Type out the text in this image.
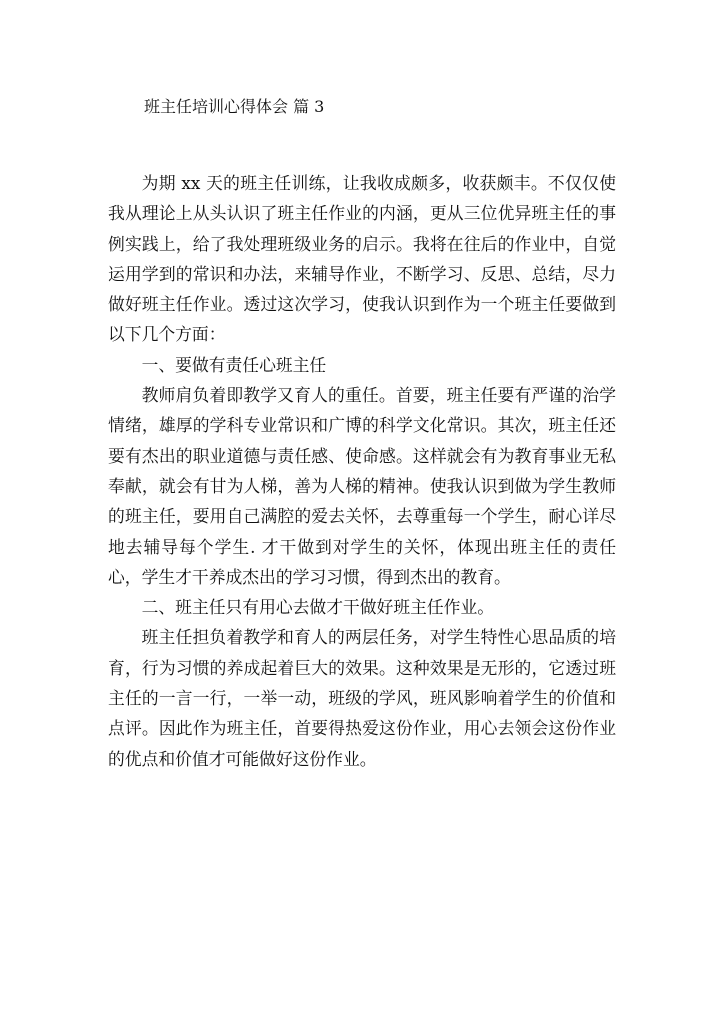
班主任培训心得体会 篇 3

为期 xx 天的班主任训练，让我收成颇多，收获颇丰。不仅仅使我从理论上从头认识了班主任作业的内涵，更从三位优异班主任的事例实践上，给了我处理班级业务的启示。我将在往后的作业中，自觉运用学到的常识和办法，来辅导作业，不断学习、反思、总结，尽力做好班主任作业。透过这次学习，使我认识到作为一个班主任要做到以下几个方面：

一、要做有责任心班主任

教师肩负着即教学又育人的重任。首要，班主任要有严谨的治学情绪，雄厚的学科专业常识和广博的科学文化常识。其次，班主任还要有杰出的职业道德与责任感、使命感。这样就会有为教育事业无私奉献，就会有甘为人梯，善为人梯的精神。使我认识到做为学生教师的班主任，要用自己满腔的爱去关怀，去尊重每一个学生，耐心详尽地去辅导每个学生. 才干做到对学生的关怀，体现出班主任的责任心，学生才干养成杰出的学习习惯，得到杰出的教育。

二、班主任只有用心去做才干做好班主任作业。

班主任担负着教学和育人的两层任务，对学生特性心思品质的培育，行为习惯的养成起着巨大的效果。这种效果是无形的，它透过班主任的一言一行，一举一动，班级的学风，班风影响着学生的价值和点评。因此作为班主任，首要得热爱这份作业，用心去领会这份作业的优点和价值才可能做好这份作业。
